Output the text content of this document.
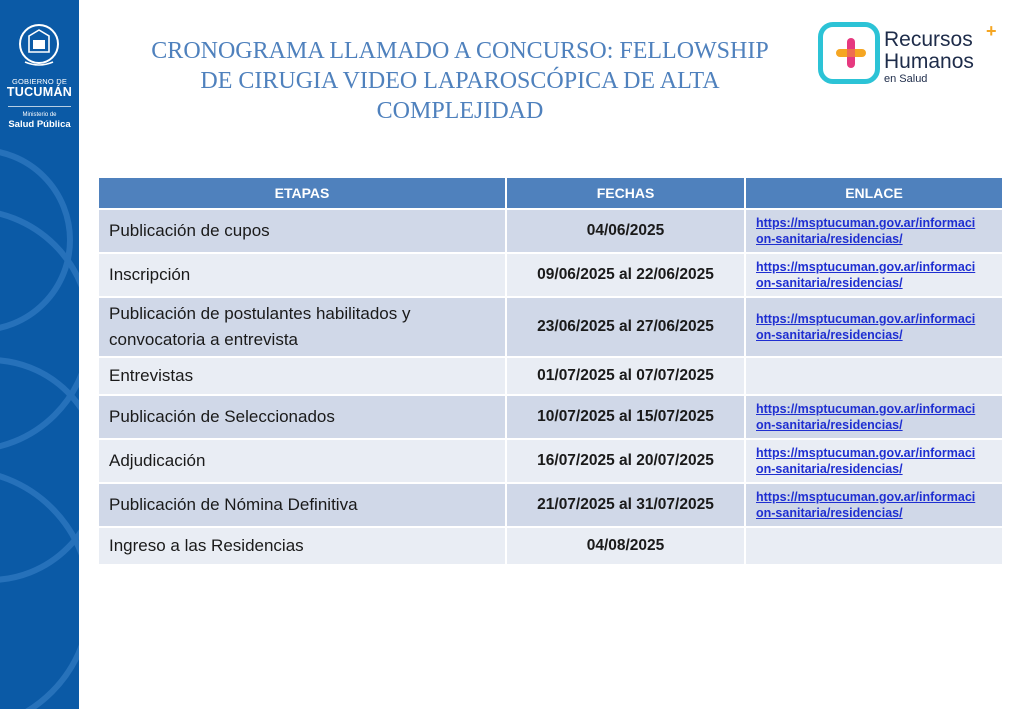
GOBIERNO DE
TUCUMÁN
Ministerio de
Salud Pública
CRONOGRAMA LLAMADO A CONCURSO: FELLOWSHIP
DE CIRUGIA VIDEO LAPAROSCÓPICA DE ALTA
COMPLEJIDAD
Recursos
Humanos
en Salud
+
ETAPAS	FECHAS	ENLACE
Publicación de cupos	04/06/2025	https://msptucuman.gov.ar/informaci
on-sanitaria/residencias/
Inscripción	09/06/2025 al 22/06/2025	https://msptucuman.gov.ar/informaci
on-sanitaria/residencias/
Publicación de postulantes habilitados y
convocatoria a entrevista	23/06/2025 al 27/06/2025	https://msptucuman.gov.ar/informaci
on-sanitaria/residencias/
Entrevistas	01/07/2025 al 07/07/2025	
Publicación de Seleccionados	10/07/2025 al 15/07/2025	https://msptucuman.gov.ar/informaci
on-sanitaria/residencias/
Adjudicación	16/07/2025 al 20/07/2025	https://msptucuman.gov.ar/informaci
on-sanitaria/residencias/
Publicación de Nómina Definitiva	21/07/2025 al 31/07/2025	https://msptucuman.gov.ar/informaci
on-sanitaria/residencias/
Ingreso a las Residencias	04/08/2025	
